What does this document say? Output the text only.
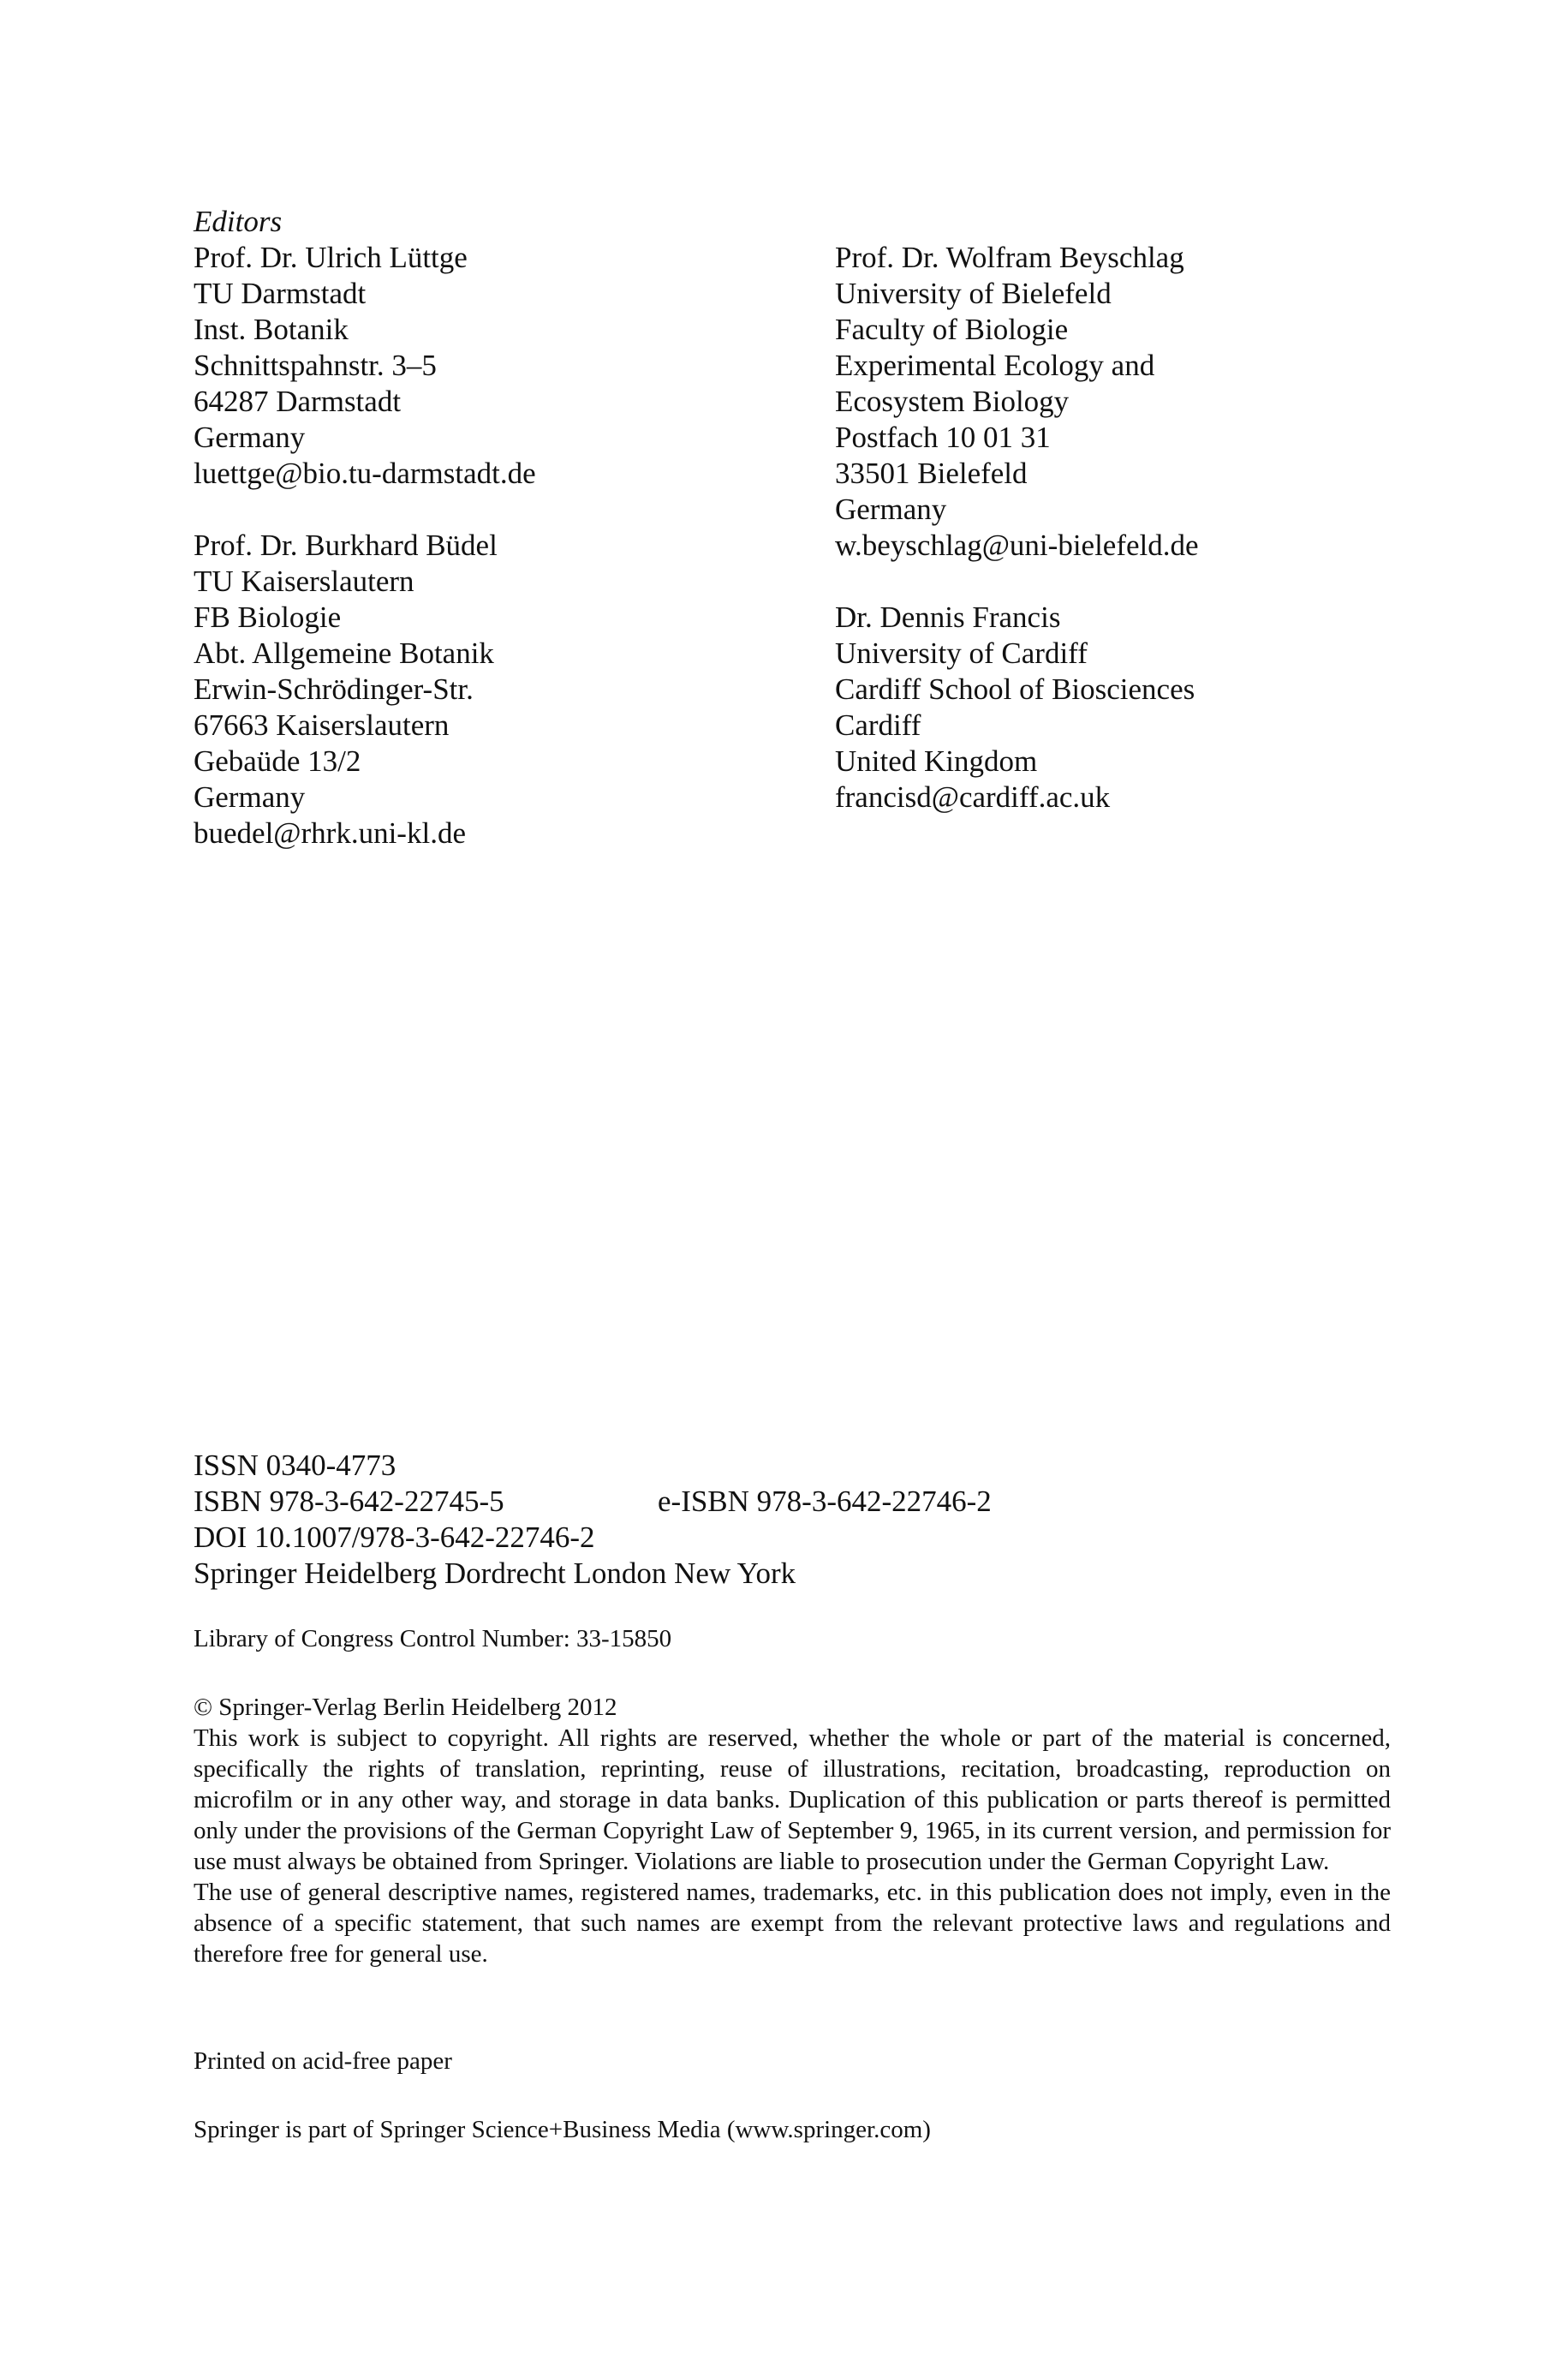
Editors

Prof. Dr. Ulrich Lüttge
TU Darmstadt
Inst. Botanik
Schnittspahnstr. 3–5
64287 Darmstadt
Germany
luettge@bio.tu-darmstadt.de
Prof. Dr. Burkhard Büdel
TU Kaiserslautern
FB Biologie
Abt. Allgemeine Botanik
Erwin-Schrödinger-Str.
67663 Kaiserslautern
Gebaüde 13/2
Germany
buedel@rhrk.uni-kl.de
Prof. Dr. Wolfram Beyschlag
University of Bielefeld
Faculty of Biologie
Experimental Ecology and
Ecosystem Biology
Postfach 10 01 31
33501 Bielefeld
Germany
w.beyschlag@uni-bielefeld.de
Dr. Dennis Francis
University of Cardiff
Cardiff School of Biosciences
Cardiff
United Kingdom
francisd@cardiff.ac.uk
ISSN 0340-4773
ISBN 978-3-642-22745-5	e-ISBN 978-3-642-22746-2
DOI 10.1007/978-3-642-22746-2
Springer Heidelberg Dordrecht London New York

Library of Congress Control Number: 33-15850

© Springer-Verlag Berlin Heidelberg 2012
This work is subject to copyright. All rights are reserved, whether the whole or part of the material is concerned, specifically the rights of translation, reprinting, reuse of illustrations, recitation, broadcasting, reproduction on microfilm or in any other way, and storage in data banks. Duplication of this publication or parts thereof is permitted only under the provisions of the German Copyright Law of September 9, 1965, in its current version, and permission for use must always be obtained from Springer. Violations are liable to prosecution under the German Copyright Law.
The use of general descriptive names, registered names, trademarks, etc. in this publication does not imply, even in the absence of a specific statement, that such names are exempt from the relevant protective laws and regulations and therefore free for general use.

Printed on acid-free paper

Springer is part of Springer Science+Business Media (www.springer.com)
